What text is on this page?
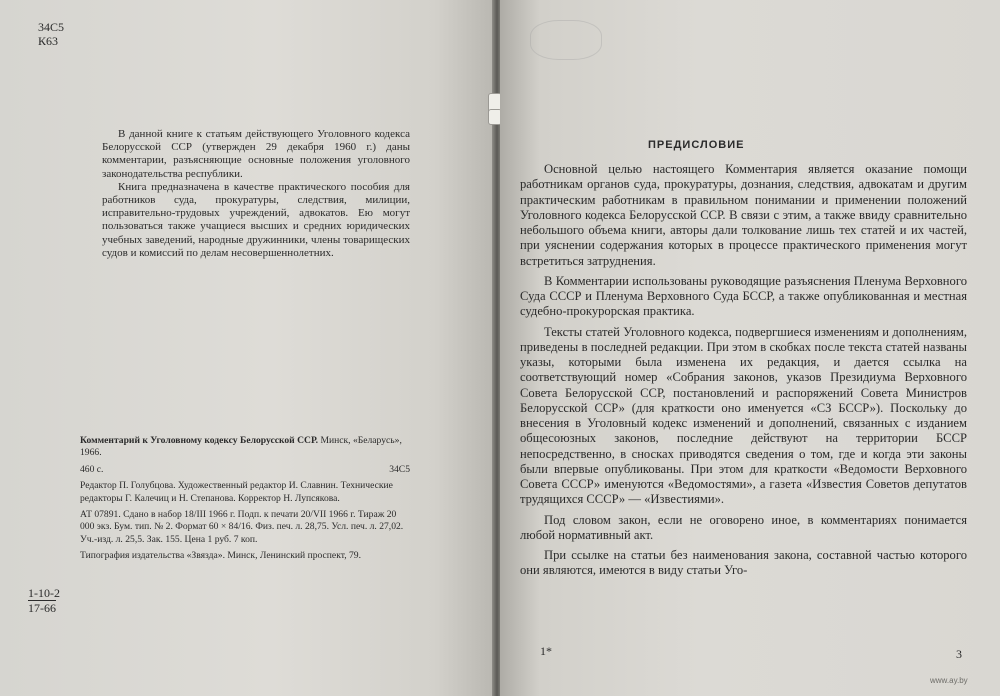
34С5
К63

В данной книге к статьям действующего Уголовного кодекса Белорусской ССР (утвержден 29 декабря 1960 г.) даны комментарии, разъясняющие основные положения уголовного законодательства республики.

Книга предназначена в качестве практического пособия для работников суда, прокуратуры, следствия, милиции, исправительно-трудовых учреждений, адвокатов. Ею могут пользоваться также учащиеся высших и средних юридических учебных заведений, народные дружинники, члены товарищеских судов и комиссий по делам несовершеннолетних.

Комментарий к Уголовному кодексу Белорусской ССР. Минск, «Беларусь», 1966.

460 с.	34С5

Редактор П. Голубцова. Художественный редактор И. Славнин. Технические редакторы Г. Калечиц и Н. Степанова. Корректор Н. Лупсякова.

АТ 07891. Сдано в набор 18/III 1966 г. Подп. к печати 20/VII 1966 г. Тираж 20 000 экз. Бум. тип. № 2. Формат 60 × 84/16. Физ. печ. л. 28,75. Усл. печ. л. 27,02. Уч.-изд. л. 25,5. Зак. 155. Цена 1 руб. 7 коп.

Типография издательства «Звязда». Минск, Ленинский проспект, 79.

$\frac{1-10-2}{17-66}$
ПРЕДИСЛОВИЕ

Основной целью настоящего Комментария является оказание помощи работникам органов суда, прокуратуры, дознания, следствия, адвокатам и другим практическим работникам в правильном понимании и применении положений Уголовного кодекса Белорусской ССР. В связи с этим, а также ввиду сравнительно небольшого объема книги, авторы дали толкование лишь тех статей и их частей, при уяснении содержания которых в процессе практического применения могут встретиться затруднения.

В Комментарии использованы руководящие разъяснения Пленума Верховного Суда СССР и Пленума Верховного Суда БССР, а также опубликованная и местная судебно-прокурорская практика.

Тексты статей Уголовного кодекса, подвергшиеся изменениям и дополнениям, приведены в последней редакции. При этом в скобках после текста статей названы указы, которыми была изменена их редакция, и дается ссылка на соответствующий номер «Собрания законов, указов Президиума Верховного Совета Белорусской ССР, постановлений и распоряжений Совета Министров Белорусской ССР» (для краткости оно именуется «СЗ БССР»). Поскольку до внесения в Уголовный кодекс изменений и дополнений, связанных с изданием общесоюзных законов, последние действуют на территории БССР непосредственно, в сносках приводятся сведения о том, где и когда эти законы были впервые опубликованы. При этом для краткости «Ведомости Верховного Совета СССР» именуются «Ведомостями», а газета «Известия Советов депутатов трудящихся СССР» — «Известиями».

Под словом закон, если не оговорено иное, в комментариях понимается любой нормативный акт.

При ссылке на статьи без наименования закона, составной частью которого они являются, имеются в виду статьи Уго-

1*	3
www.ay.by
